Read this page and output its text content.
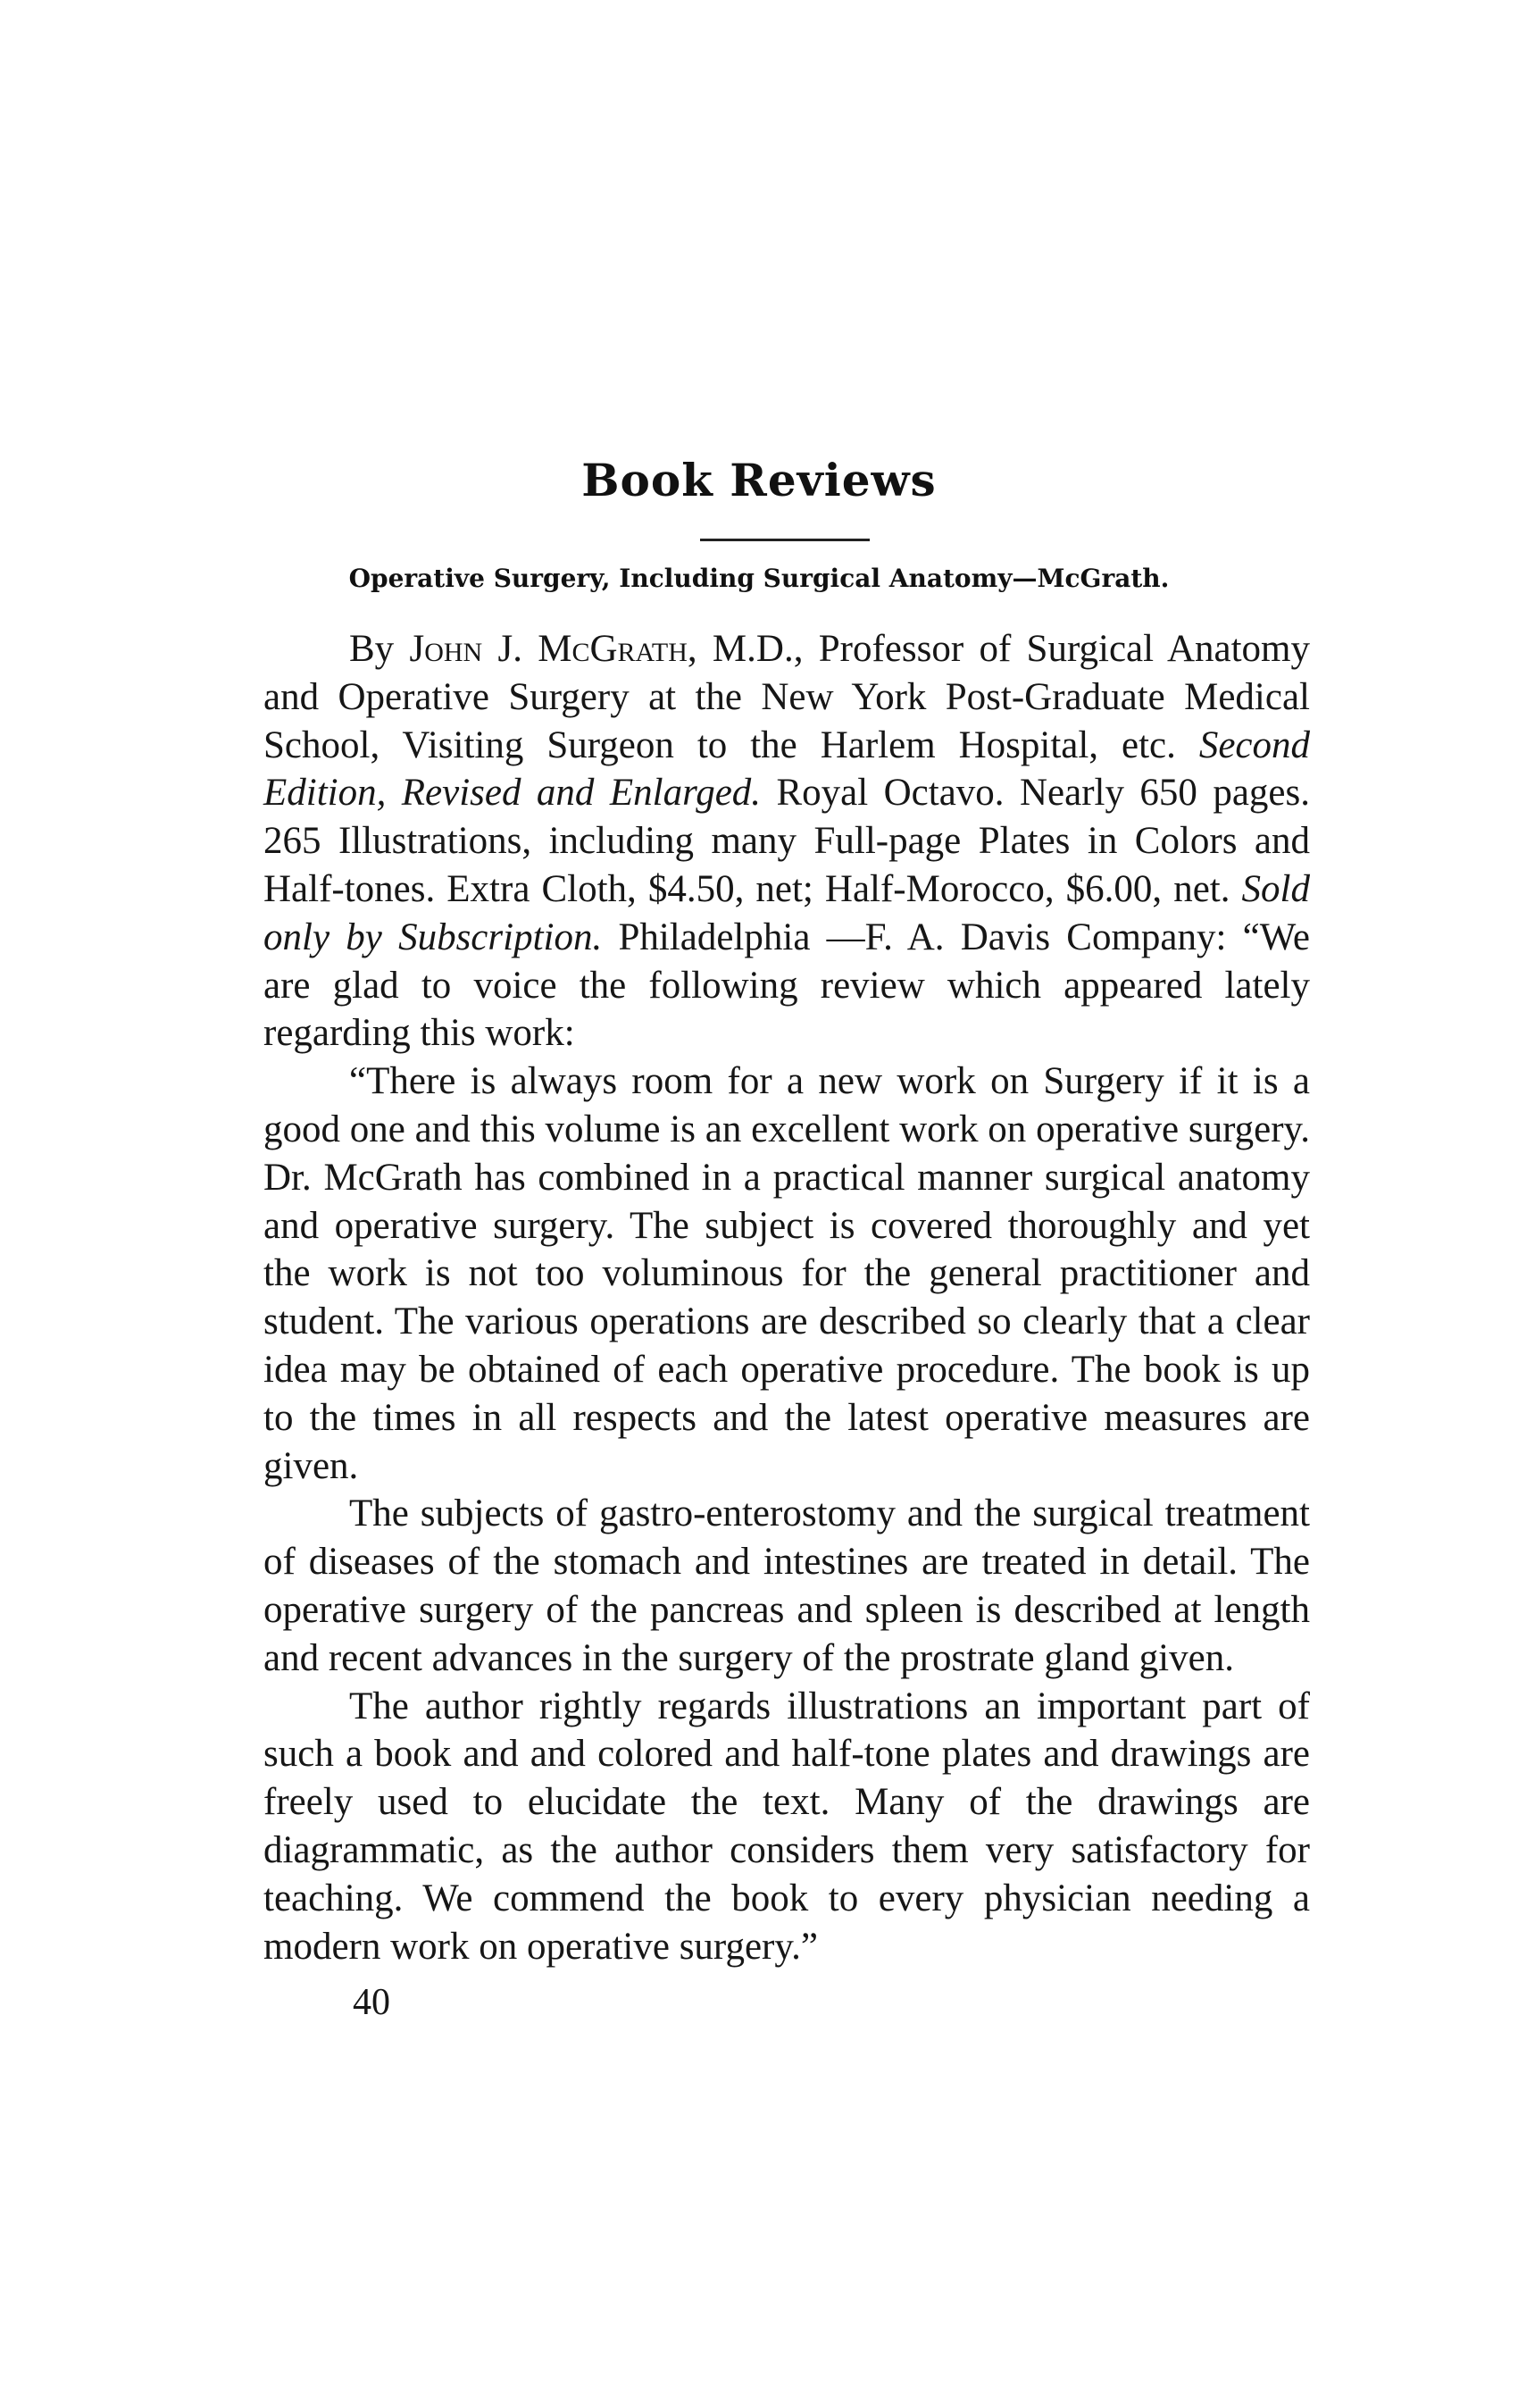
Book Reviews
Operative Surgery, Including Surgical Anatomy—McGrath.

By John J. McGrath, M.D., Professor of Surgical Anatomy and Operative Surgery at the New York Post-Graduate Medical School, Visiting Surgeon to the Harlem Hospital, etc. Second Edition, Revised and Enlarged. Royal Octavo. Nearly 650 pages. 265 Illustrations, including many Full-page Plates in Colors and Half-tones. Extra Cloth, $4.50, net; Half-Morocco, $6.00, net. Sold only by Subscription. Philadelphia —F. A. Davis Company: “We are glad to voice the following review which appeared lately regarding this work:

“There is always room for a new work on Surgery if it is a good one and this volume is an excellent work on operative surgery. Dr. McGrath has combined in a practical manner surgical anatomy and operative surgery. The subject is covered thoroughly and yet the work is not too voluminous for the general practitioner and student. The various operations are described so clearly that a clear idea may be obtained of each operative procedure. The book is up to the times in all respects and the latest operative measures are given.

The subjects of gastro-enterostomy and the surgical treatment of diseases of the stomach and intestines are treated in detail. The operative surgery of the pancreas and spleen is described at length and recent advances in the surgery of the prostrate gland given.

The author rightly regards illustrations an important part of such a book and and colored and half-tone plates and drawings are freely used to elucidate the text. Many of the drawings are diagrammatic, as the author considers them very satisfactory for teaching. We commend the book to every physician needing a modern work on operative surgery.”

40
